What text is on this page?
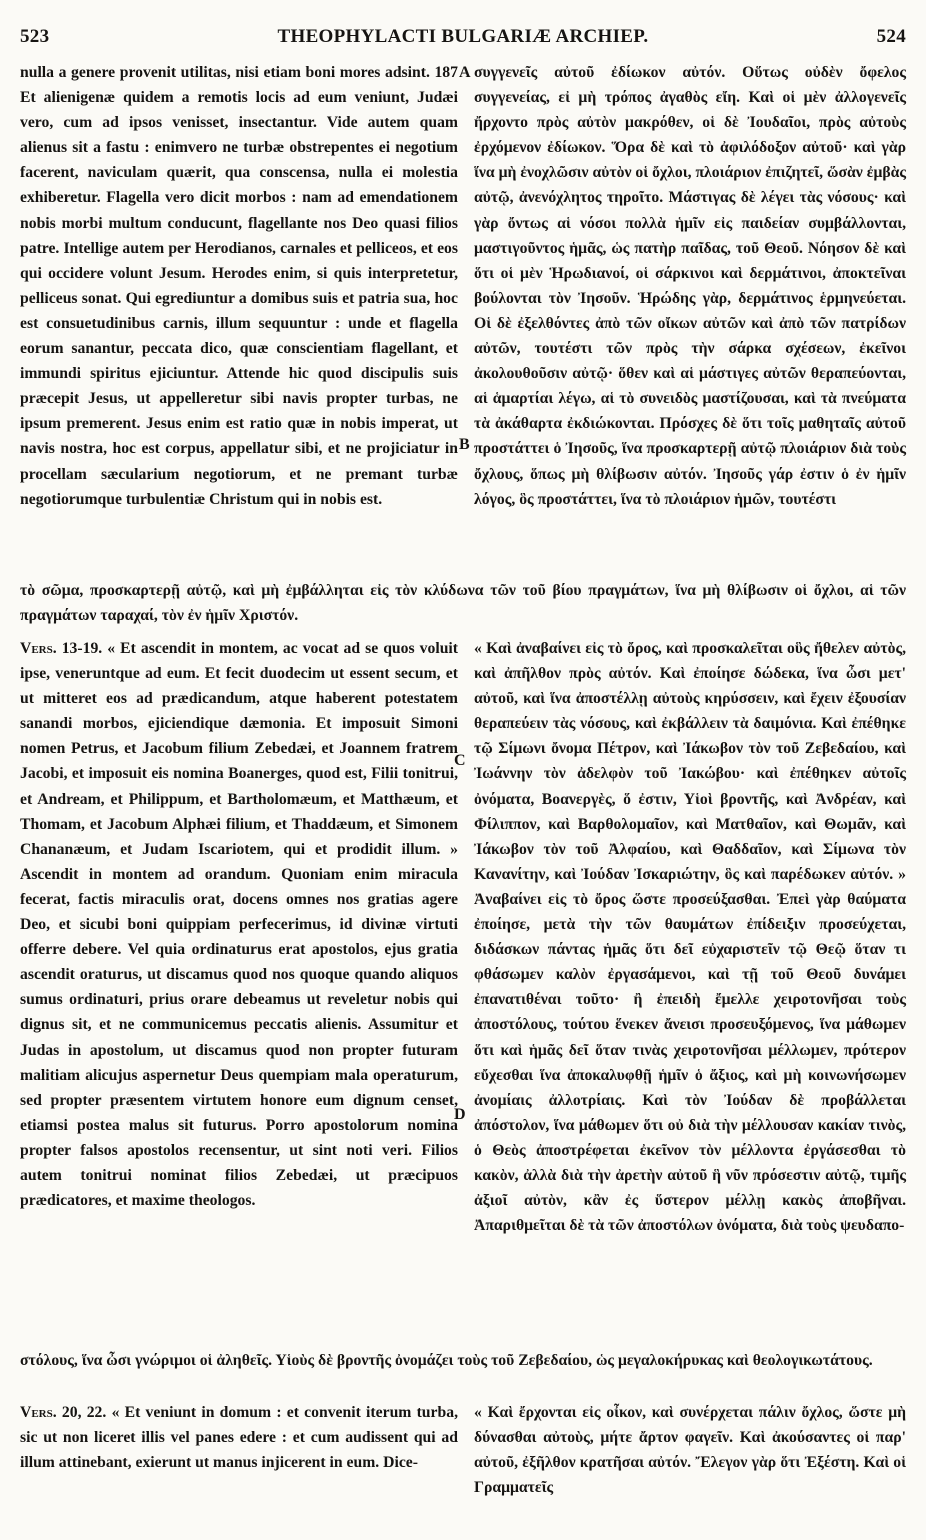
523	THEOPHYLACTI BULGARIÆ ARCHIEP.	524
A
B
C
D

nulla a genere provenit utilitas, nisi etiam boni mores adsint. 187 Et alienigenæ quidem a remotis locis ad eum veniunt, Judæi vero, cum ad ipsos venisset, insectantur. Vide autem quam alienus sit a fastu : enimvero ne turbæ obstrepentes ei negotium facerent, naviculam quærit, qua conscensa, nulla ei molestia exhiberetur. Flagella vero dicit morbos : nam ad emendationem nobis morbi multum conducunt, flagellante nos Deo quasi filios patre. Intellige autem per Herodianos, carnales et pelliceos, et eos qui occidere volunt Jesum. Herodes enim, si quis interpretetur, pelliceus sonat. Qui egrediuntur a domibus suis et patria sua, hoc est consuetudinibus carnis, illum sequuntur : unde et flagella eorum sanantur, peccata dico, quæ conscientiam flagellant, et immundi spiritus ejiciuntur. Attende hic quod discipulis suis præcepit Jesus, ut appelleretur sibi navis propter turbas, ne ipsum premerent. Jesus enim est ratio quæ in nobis imperat, ut navis nostra, hoc est corpus, appellatur sibi, et ne projiciatur in procellam sæcularium negotiorum, et ne premant turbæ negotiorumque turbulentiæ Christum qui in nobis est.

συγγενεῖς αὐτοῦ ἐδίωκον αὐτόν. Οὕτως οὐδὲν ὄφελος συγγενείας, εἰ μὴ τρόπος ἀγαθὸς εἴη. Καὶ οἱ μὲν ἀλλογενεῖς ἤρχοντο πρὸς αὐτὸν μακρόθεν, οἱ δὲ Ἰουδαῖοι, πρὸς αὐτοὺς ἐρχόμενον ἐδίωκον. Ὅρα δὲ καὶ τὸ ἀφιλόδοξον αὐτοῦ· καὶ γὰρ ἵνα μὴ ἐνοχλῶσιν αὐτὸν οἱ ὄχλοι, πλοιάριον ἐπιζητεῖ, ὥσὰν ἐμβὰς αὐτῷ, ἀνενόχλητος τηροῖτο. Μάστιγας δὲ λέγει τὰς νόσους· καὶ γὰρ ὄντως αἱ νόσοι πολλὰ ἡμῖν εἰς παιδείαν συμβάλλονται, μαστιγοῦντος ἡμᾶς, ὡς πατὴρ παῖδας, τοῦ Θεοῦ. Νόησον δὲ καὶ ὅτι οἱ μὲν Ἡρωδιανοί, οἱ σάρκινοι καὶ δερμάτινοι, ἀποκτεῖναι βούλονται τὸν Ἰησοῦν. Ἡρώδης γὰρ, δερμάτινος ἑρμηνεύεται. Οἱ δὲ ἐξελθόντες ἀπὸ τῶν οἴκων αὐτῶν καὶ ἀπὸ τῶν πατρίδων αὐτῶν, τουτέστι τῶν πρὸς τὴν σάρκα σχέσεων, ἐκεῖνοι ἀκολουθοῦσιν αὐτῷ· ὅθεν καὶ αἱ μάστιγες αὐτῶν θεραπεύονται, αἱ ἁμαρτίαι λέγω, αἱ τὸ συνειδὸς μαστίζουσαι, καὶ τὰ πνεύματα τὰ ἀκάθαρτα ἐκδιώκονται. Πρόσχες δὲ ὅτι τοῖς μαθηταῖς αὐτοῦ προστάττει ὁ Ἰησοῦς, ἵνα προσκαρτερῇ αὐτῷ πλοιάριον διὰ τοὺς ὄχλους, ὅπως μὴ θλίβωσιν αὐτόν. Ἰησοῦς γάρ ἐστιν ὁ ἐν ἡμῖν λόγος, ὃς προστάττει, ἵνα τὸ πλοιάριον ἡμῶν, τουτέστι

τὸ σῶμα, προσκαρτερῇ αὐτῷ, καὶ μὴ ἐμβάλληται εἰς τὸν κλύδωνα τῶν τοῦ βίου πραγμάτων, ἵνα μὴ θλίβωσιν οἱ ὄχλοι, αἱ τῶν πραγμάτων ταραχαί, τὸν ἐν ἡμῖν Χριστόν.

Vers. 13-19. « Et ascendit in montem, ac vocat ad se quos voluit ipse, veneruntque ad eum. Et fecit duodecim ut essent secum, et ut mitteret eos ad prædicandum, atque haberent potestatem sanandi morbos, ejiciendique dæmonia. Et imposuit Simoni nomen Petrus, et Jacobum filium Zebedæi, et Joannem fratrem Jacobi, et imposuit eis nomina Boanerges, quod est, Filii tonitrui, et Andream, et Philippum, et Bartholomæum, et Matthæum, et Thomam, et Jacobum Alphæi filium, et Thaddæum, et Simonem Chananæum, et Judam Iscariotem, qui et prodidit illum. » Ascendit in montem ad orandum. Quoniam enim miracula fecerat, factis miraculis orat, docens omnes nos gratias agere Deo, et sicubi boni quippiam perfecerimus, id divinæ virtuti offerre debere. Vel quia ordinaturus erat apostolos, ejus gratia ascendit oraturus, ut discamus quod nos quoque quando aliquos sumus ordinaturi, prius orare debeamus ut reveletur nobis qui dignus sit, et ne communicemus peccatis alienis. Assumitur et Judas in apostolum, ut discamus quod non propter futuram malitiam alicujus aspernetur Deus quempiam mala operaturum, sed propter præsentem virtutem honore eum dignum censet, etiamsi postea malus sit futurus. Porro apostolorum nomina propter falsos apostolos recensentur, ut sint noti veri. Filios autem tonitrui nominat filios Zebedæi, ut præcipuos prædicatores, et maxime theologos.

« Καὶ ἀναβαίνει εἰς τὸ ὄρος, καὶ προσκαλεῖται οὓς ἤθελεν αὐτὸς, καὶ ἀπῆλθον πρὸς αὐτόν. Καὶ ἐποίησε δώδεκα, ἵνα ὦσι μετ' αὐτοῦ, καὶ ἵνα ἀποστέλλῃ αὐτοὺς κηρύσσειν, καὶ ἔχειν ἐξουσίαν θεραπεύειν τὰς νόσους, καὶ ἐκβάλλειν τὰ δαιμόνια. Καὶ ἐπέθηκε τῷ Σίμωνι ὄνομα Πέτρον, καὶ Ἰάκωβον τὸν τοῦ Ζεβεδαίου, καὶ Ἰωάννην τὸν ἀδελφὸν τοῦ Ἰακώβου· καὶ ἐπέθηκεν αὐτοῖς ὀνόματα, Βοανεργὲς, ὅ ἐστιν, Υἱοὶ βροντῆς, καὶ Ἀνδρέαν, καὶ Φίλιππον, καὶ Βαρθολομαῖον, καὶ Ματθαῖον, καὶ Θωμᾶν, καὶ Ἰάκωβον τὸν τοῦ Ἀλφαίου, καὶ Θαδδαῖον, καὶ Σίμωνα τὸν Κανανίτην, καὶ Ἰούδαν Ἰσκαριώτην, ὃς καὶ παρέδωκεν αὐτόν. » Ἀναβαίνει εἰς τὸ ὄρος ὥστε προσεύξασθαι. Ἐπεὶ γὰρ θαύματα ἐποίησε, μετὰ τὴν τῶν θαυμάτων ἐπίδειξιν προσεύχεται, διδάσκων πάντας ἡμᾶς ὅτι δεῖ εὐχαριστεῖν τῷ Θεῷ ὅταν τι φθάσωμεν καλὸν ἐργασάμενοι, καὶ τῇ τοῦ Θεοῦ δυνάμει ἐπανατιθέναι τοῦτο· ἢ ἐπειδὴ ἔμελλε χειροτονῆσαι τοὺς ἀποστόλους, τούτου ἕνεκεν ἄνεισι προσευξόμενος, ἵνα μάθωμεν ὅτι καὶ ἡμᾶς δεῖ ὅταν τινὰς χειροτονῆσαι μέλλωμεν, πρότερον εὔχεσθαι ἵνα ἀποκαλυφθῇ ἡμῖν ὁ ἄξιος, καὶ μὴ κοινωνήσωμεν ἀνομίαις ἀλλοτρίαις. Καὶ τὸν Ἰούδαν δὲ προβάλλεται ἀπόστολον, ἵνα μάθωμεν ὅτι οὐ διὰ τὴν μέλλουσαν κακίαν τινὸς, ὁ Θεὸς ἀποστρέφεται ἐκεῖνον τὸν μέλλοντα ἐργάσεσθαι τὸ κακὸν, ἀλλὰ διὰ τὴν ἀρετὴν αὐτοῦ ἣ νῦν πρόσεστιν αὐτῷ, τιμῆς ἀξιοῖ αὐτὸν, κἂν ἐς ὕστερον μέλλῃ κακὸς ἀποβῆναι. Ἀπαριθμεῖται δὲ τὰ τῶν ἀποστόλων ὀνόματα, διὰ τοὺς ψευδαπο-

στόλους, ἵνα ὦσι γνώριμοι οἱ ἀληθεῖς. Υἱοὺς δὲ βροντῆς ὀνομάζει τοὺς τοῦ Ζεβεδαίου, ὡς μεγαλοκήρυκας καὶ θεολογικωτάτους.

Vers. 20, 22. « Et veniunt in domum : et convenit iterum turba, sic ut non liceret illis vel panes edere : et cum audissent qui ad illum attinebant, exierunt ut manus injicerent in eum. Dice-

« Καὶ ἔρχονται εἰς οἶκον, καὶ συνέρχεται πάλιν ὄχλος, ὥστε μὴ δύνασθαι αὐτοὺς, μήτε ἄρτον φαγεῖν. Καὶ ἀκούσαντες οἱ παρ' αὐτοῦ, ἐξῆλθον κρατῆσαι αὐτόν. Ἔλεγον γὰρ ὅτι Ἐξέστη. Καὶ οἱ Γραμματεῖς
